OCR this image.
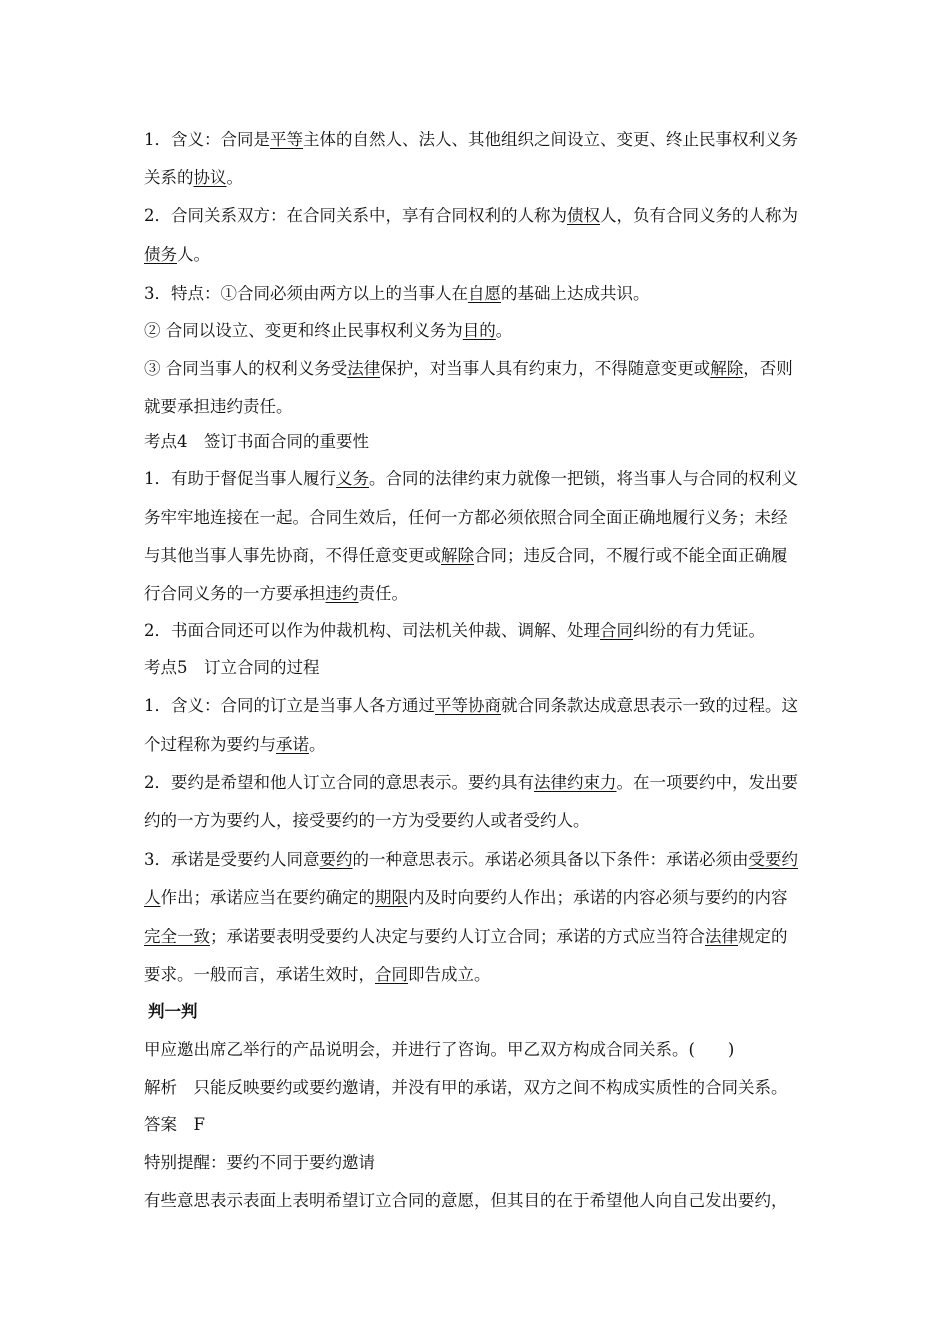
1．含义：合同是平等主体的自然人、法人、其他组织之间设立、变更、终止民事权利义务
关系的协议。
2．合同关系双方：在合同关系中，享有合同权利的人称为债权人，负有合同义务的人称为
债务人。
3．特点：①合同必须由两方以上的当事人在自愿的基础上达成共识。
② 合同以设立、变更和终止民事权利义务为目的。
③ 合同当事人的权利义务受法律保护，对当事人具有约束力，不得随意变更或解除，否则
就要承担违约责任。
考点4　签订书面合同的重要性
1．有助于督促当事人履行义务。合同的法律约束力就像一把锁，将当事人与合同的权利义
务牢牢地连接在一起。合同生效后，任何一方都必须依照合同全面正确地履行义务；未经
与其他当事人事先协商，不得任意变更或解除合同；违反合同，不履行或不能全面正确履
行合同义务的一方要承担违约责任。
2．书面合同还可以作为仲裁机构、司法机关仲裁、调解、处理合同纠纷的有力凭证。
考点5　订立合同的过程
1．含义：合同的订立是当事人各方通过平等协商就合同条款达成意思表示一致的过程。这
个过程称为要约与承诺。
2．要约是希望和他人订立合同的意思表示。要约具有法律约束力。在一项要约中，发出要
约的一方为要约人，接受要约的一方为受要约人或者受约人。
3．承诺是受要约人同意要约的一种意思表示。承诺必须具备以下条件：承诺必须由受要约
人作出；承诺应当在要约确定的期限内及时向要约人作出；承诺的内容必须与要约的内容
完全一致；承诺要表明受要约人决定与要约人订立合同；承诺的方式应当符合法律规定的
要求。一般而言，承诺生效时，合同即告成立。
判一判
甲应邀出席乙举行的产品说明会，并进行了咨询。甲乙双方构成合同关系。(　　)
解析　只能反映要约或要约邀请，并没有甲的承诺，双方之间不构成实质性的合同关系。
答案　F
特别提醒：要约不同于要约邀请
有些意思表示表面上表明希望订立合同的意愿，但其目的在于希望他人向自己发出要约，
